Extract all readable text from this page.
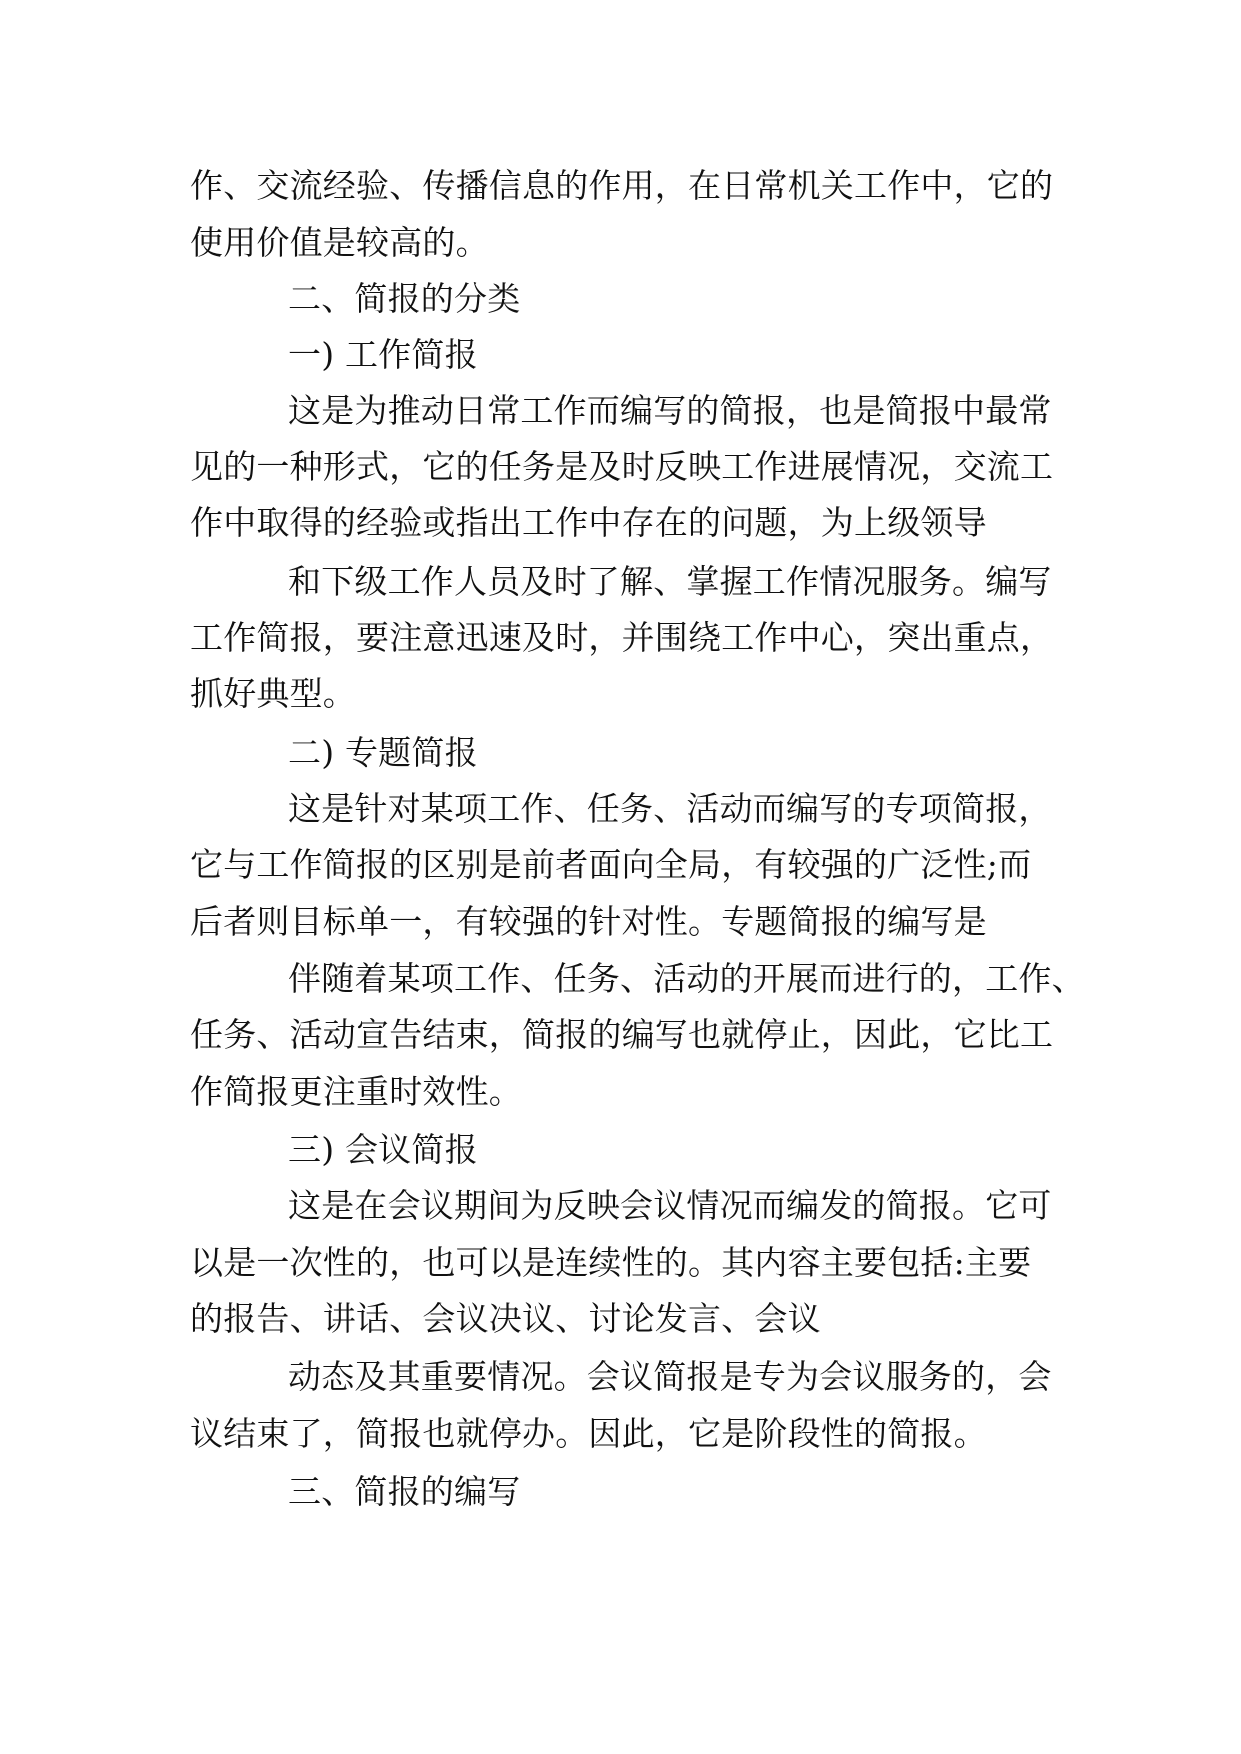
作、交流经验、传播信息的作用，在日常机关工作中，它的
使用价值是较高的。
二、简报的分类
一) 工作简报
这是为推动日常工作而编写的简报，也是简报中最常
见的一种形式，它的任务是及时反映工作进展情况，交流工
作中取得的经验或指出工作中存在的问题，为上级领导
和下级工作人员及时了解、掌握工作情况服务。编写
工作简报，要注意迅速及时，并围绕工作中心，突出重点，
抓好典型。
二) 专题简报
这是针对某项工作、任务、活动而编写的专项简报，
它与工作简报的区别是前者面向全局，有较强的广泛性;而
后者则目标单一，有较强的针对性。专题简报的编写是
伴随着某项工作、任务、活动的开展而进行的，工作、
任务、活动宣告结束，简报的编写也就停止，因此，它比工
作简报更注重时效性。
三) 会议简报
这是在会议期间为反映会议情况而编发的简报。它可
以是一次性的，也可以是连续性的。其内容主要包括:主要
的报告、讲话、会议决议、讨论发言、会议
动态及其重要情况。会议简报是专为会议服务的，会
议结束了，简报也就停办。因此，它是阶段性的简报。
三、简报的编写
